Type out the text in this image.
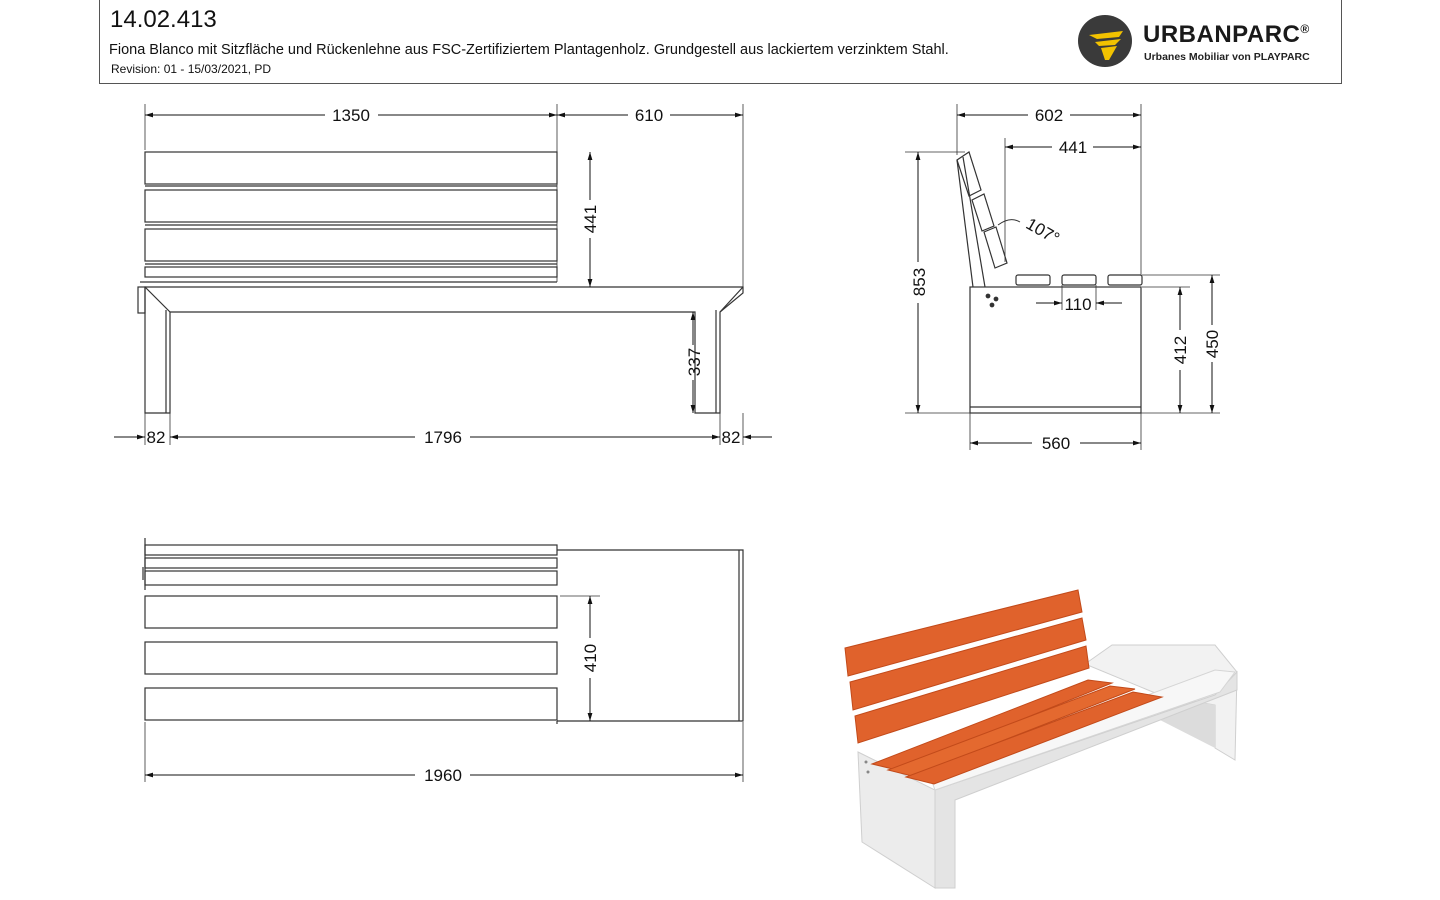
14.02.413
Fiona Blanco mit Sitzfläche und Rückenlehne aus FSC-Zertifiziertem Plantagenholz. Grundgestell aus lackiertem verzinktem Stahl.
Revision: 01 - 15/03/2021, PD
URBANPARC®
Urbanes Mobiliar von PLAYPARC
1350	610
441
337
82	1796	82
602
441
107°
853
110
412 450
560
410
1960
